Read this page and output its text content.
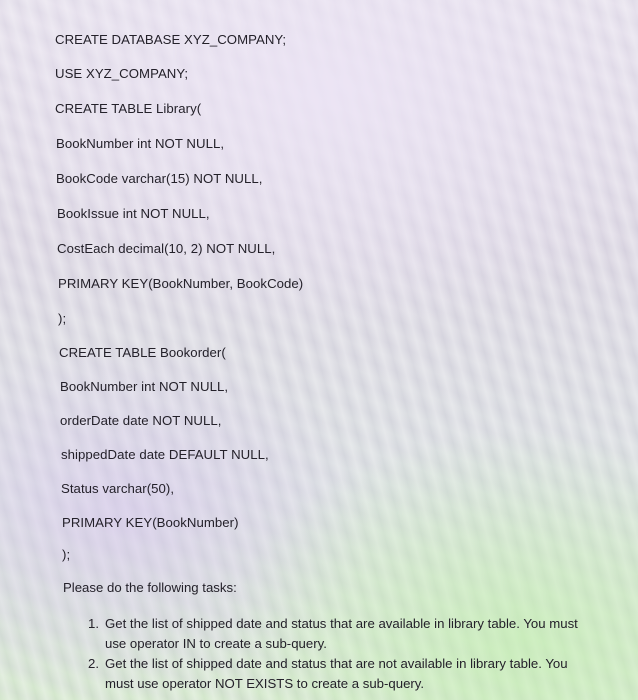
CREATE DATABASE XYZ_COMPANY;
USE XYZ_COMPANY;
CREATE TABLE Library(
BookNumber int NOT NULL,
BookCode varchar(15) NOT NULL,
BookIssue int NOT NULL,
CostEach decimal(10, 2) NOT NULL,
PRIMARY KEY(BookNumber, BookCode)
);
CREATE TABLE Bookorder(
BookNumber int NOT NULL,
orderDate date NOT NULL,
shippedDate date DEFAULT NULL,
Status varchar(50),
PRIMARY KEY(BookNumber)
);
Please do the following tasks:
1. Get the list of shipped date and status that are available in library table. You must use operator IN to create a sub-query.
2. Get the list of shipped date and status that are not available in library table. You must use operator NOT EXISTS to create a sub-query.
